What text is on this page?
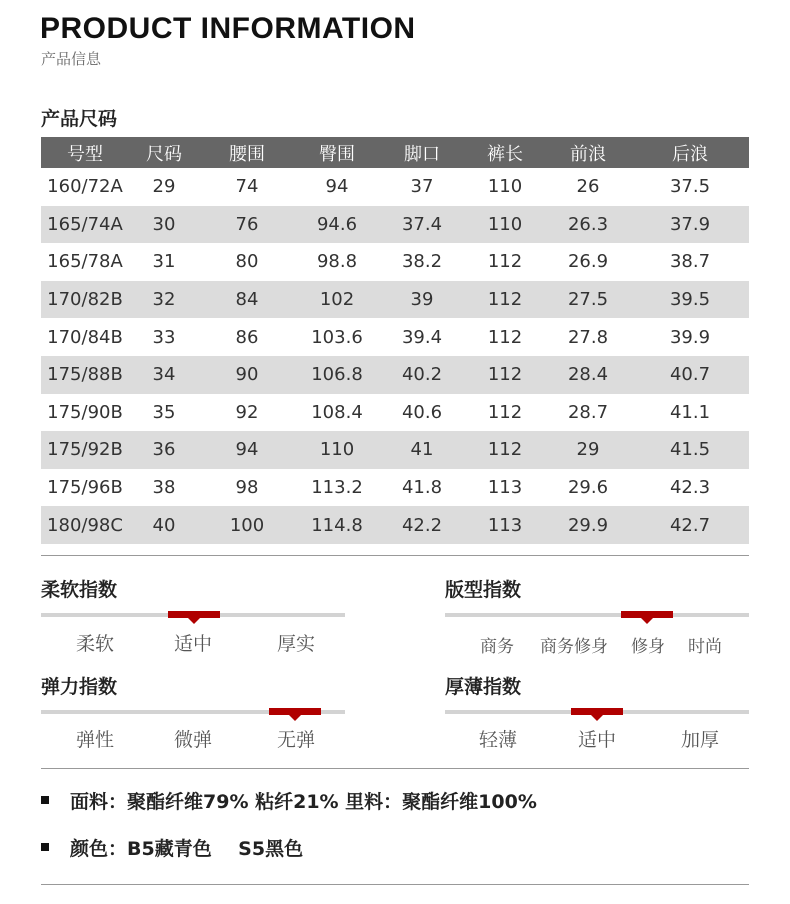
PRODUCT INFORMATION
产品信息
产品尺码
号型	尺码	腰围	臀围	脚口	裤长	前浪	后浪
160/72A	29	74	94	37	110	26	37.5
165/74A	30	76	94.6	37.4	110	26.3	37.9
165/78A	31	80	98.8	38.2	112	26.9	38.7
170/82B	32	84	102	39	112	27.5	39.5
170/84B	33	86	103.6	39.4	112	27.8	39.9
175/88B	34	90	106.8	40.2	112	28.4	40.7
175/90B	35	92	108.4	40.6	112	28.7	41.1
175/92B	36	94	110	41	112	29	41.5
175/96B	38	98	113.2	41.8	113	29.6	42.3
180/98C	40	100	114.8	42.2	113	29.9	42.7
柔软指数
柔软	适中	厚实
版型指数
商务	商务修身	修身	时尚
弹力指数
弹性	微弹	无弹
厚薄指数
轻薄	适中	加厚
面料：聚酯纤维79% 粘纤21% 里料：聚酯纤维100%
颜色：B5藏青色    S5黑色
